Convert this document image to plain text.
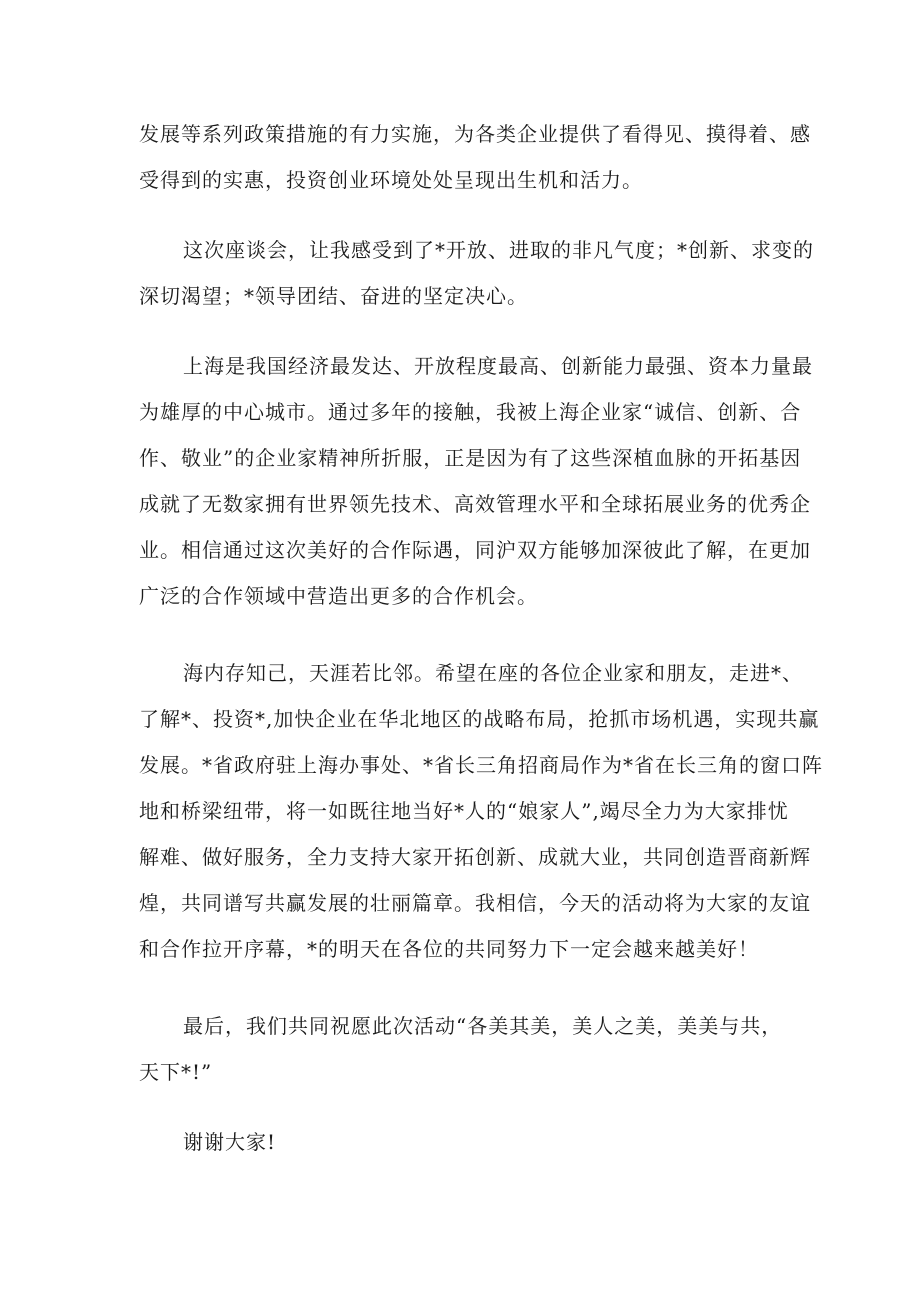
发展等系列政策措施的有力实施，为各类企业提供了看得见、摸得着、感
受得到的实惠，投资创业环境处处呈现出生机和活力。

这次座谈会，让我感受到了*开放、进取的非凡气度；*创新、求变的
深切渴望；*领导团结、奋进的坚定决心。

上海是我国经济最发达、开放程度最高、创新能力最强、资本力量最
为雄厚的中心城市。通过多年的接触，我被上海企业家“诚信、创新、合
作、敬业”的企业家精神所折服，正是因为有了这些深植血脉的开拓基因
成就了无数家拥有世界领先技术、高效管理水平和全球拓展业务的优秀企
业。相信通过这次美好的合作际遇，同沪双方能够加深彼此了解，在更加
广泛的合作领域中营造出更多的合作机会。

海内存知己，天涯若比邻。希望在座的各位企业家和朋友，走进*、
了解*、投资*,加快企业在华北地区的战略布局，抢抓市场机遇，实现共赢
发展。*省政府驻上海办事处、*省长三角招商局作为*省在长三角的窗口阵
地和桥梁纽带，将一如既往地当好*人的“娘家人”,竭尽全力为大家排忧
解难、做好服务，全力支持大家开拓创新、成就大业，共同创造晋商新辉
煌，共同谱写共赢发展的壮丽篇章。我相信，今天的活动将为大家的友谊
和合作拉开序幕，*的明天在各位的共同努力下一定会越来越美好！

最后，我们共同祝愿此次活动“各美其美，美人之美，美美与共，
天下*!”

谢谢大家!
